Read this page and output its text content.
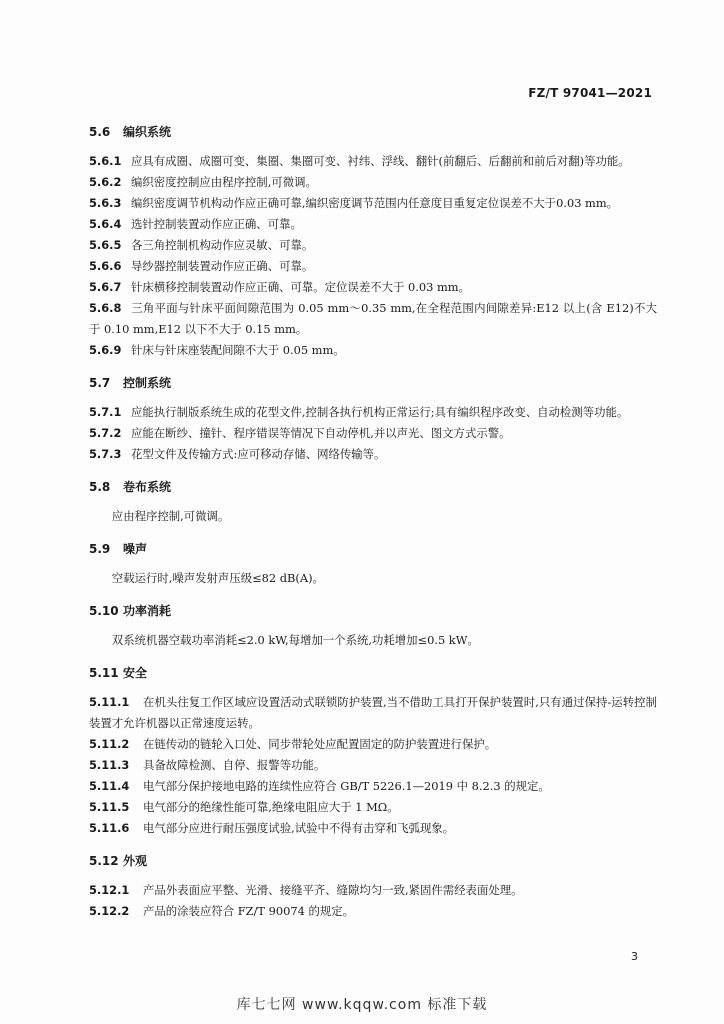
FZ/T 97041—2021
5.6 编织系统
5.6.1 应具有成圈、成圈可变、集圈、集圈可变、衬纬、浮线、翻针(前翻后、后翻前和前后对翻)等功能。
5.6.2 编织密度控制应由程序控制,可微调。
5.6.3 编织密度调节机构动作应正确可靠,编织密度调节范围内任意度目重复定位误差不大于0.03 mm。
5.6.4 选针控制装置动作应正确、可靠。
5.6.5 各三角控制机构动作应灵敏、可靠。
5.6.6 导纱器控制装置动作应正确、可靠。
5.6.7 针床横移控制装置动作应正确、可靠。定位误差不大于 0.03 mm。
5.6.8 三角平面与针床平面间隙范围为 0.05 mm～0.35 mm,在全程范围内间隙差异:E12 以上(含 E12)不大于 0.10 mm,E12 以下不大于 0.15 mm。
5.6.9 针床与针床座装配间隙不大于 0.05 mm。
5.7 控制系统
5.7.1 应能执行制版系统生成的花型文件,控制各执行机构正常运行;具有编织程序改变、自动检测等功能。
5.7.2 应能在断纱、撞针、程序错误等情况下自动停机,并以声光、图文方式示警。
5.7.3 花型文件及传输方式:应可移动存储、网络传输等。
5.8 卷布系统
应由程序控制,可微调。
5.9 噪声
空载运行时,噪声发射声压级≤82 dB(A)。
5.10 功率消耗
双系统机器空载功率消耗≤2.0 kW,每增加一个系统,功耗增加≤0.5 kW。
5.11 安全
5.11.1 在机头往复工作区域应设置活动式联锁防护装置,当不借助工具打开保护装置时,只有通过保持-运转控制装置才允许机器以正常速度运转。
5.11.2 在链传动的链轮入口处、同步带轮处应配置固定的防护装置进行保护。
5.11.3 具备故障检测、自停、报警等功能。
5.11.4 电气部分保护接地电路的连续性应符合 GB/T 5226.1—2019 中 8.2.3 的规定。
5.11.5 电气部分的绝缘性能可靠,绝缘电阻应大于 1 MΩ。
5.11.6 电气部分应进行耐压强度试验,试验中不得有击穿和飞弧现象。
5.12 外观
5.12.1 产品外表面应平整、光滑、接缝平齐、缝隙均匀一致,紧固件需经表面处理。
5.12.2 产品的涂装应符合 FZ/T 90074 的规定。
3
库七七网 www.kqqw.com 标准下载
